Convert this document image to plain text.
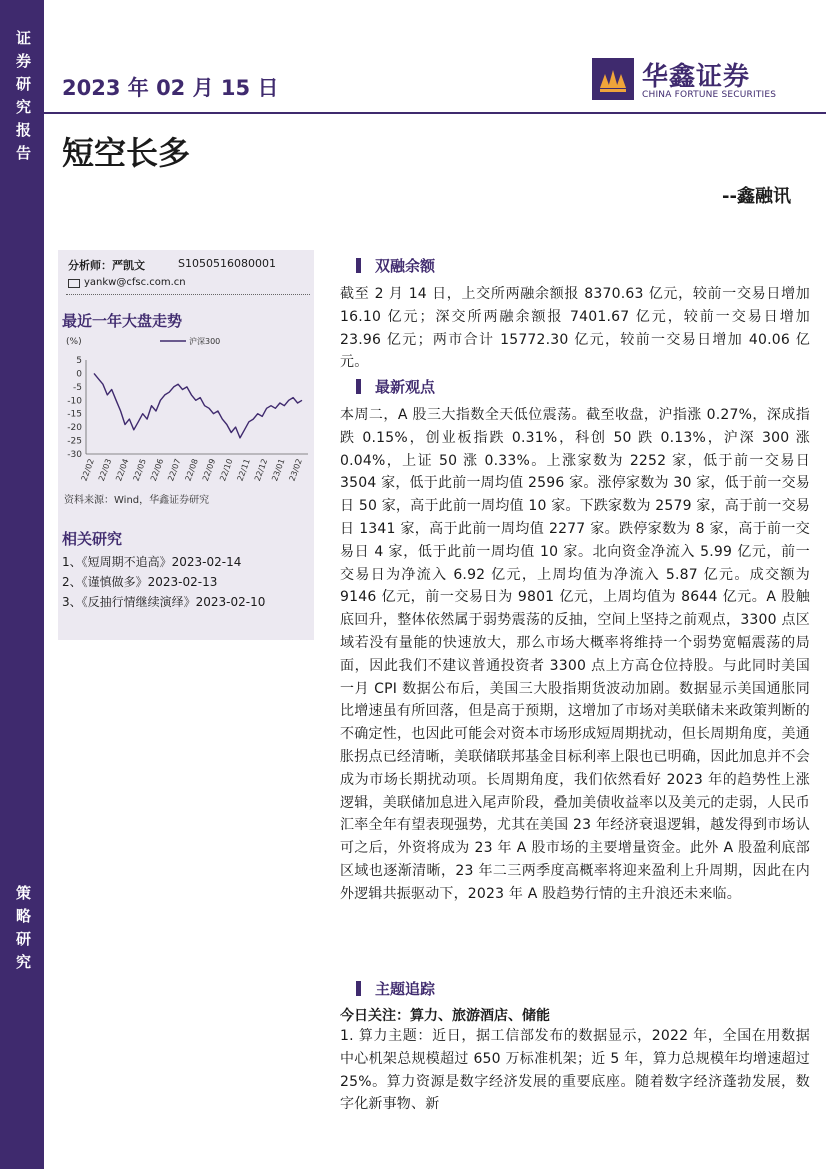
证券研究报告
策略研究
2023 年 02 月 15 日	华鑫证券
CHINA FORTUNE SECURITIES
短空长多
--鑫融讯
分析师：严凯文	S1050516080001
yankw@cfsc.com.cn
最近一年大盘走势
(%)	沪深300
5
0
-5
-10
-15
-20
-25
-30
22/02 22/03 22/04 22/05 22/06 22/07 22/08 22/09 22/10 22/11 22/12 23/01 23/02
资料来源：Wind，华鑫证券研究
相关研究
1、《短周期不追高》2023-02-14
2、《谨慎做多》2023-02-13
3、《反抽行情继续演绎》2023-02-10
双融余额
截至 2 月 14 日，上交所两融余额报 8370.63 亿元，较前一交易日增加 16.10 亿元；深交所两融余额报 7401.67 亿元，较前一交易日增加 23.96 亿元；两市合计 15772.30 亿元，较前一交易日增加 40.06 亿元。
最新观点
本周二，A 股三大指数全天低位震荡。截至收盘，沪指涨 0.27%，深成指跌 0.15%，创业板指跌 0.31%，科创 50 跌 0.13%，沪深 300 涨 0.04%，上证 50 涨 0.33%。上涨家数为 2252 家，低于前一交易日 3504 家，低于此前一周均值 2596 家。涨停家数为 30 家，低于前一交易日 50 家，高于此前一周均值 10 家。下跌家数为 2579 家，高于前一交易日 1341 家，高于此前一周均值 2277 家。跌停家数为 8 家，高于前一交易日 4 家，低于此前一周均值 10 家。北向资金净流入 5.99 亿元，前一交易日为净流入 6.92 亿元，上周均值为净流入 5.87 亿元。成交额为 9146 亿元，前一交易日为 9801 亿元，上周均值为 8644 亿元。A 股触底回升，整体依然属于弱势震荡的反抽，空间上坚持之前观点，3300 点区域若没有量能的快速放大，那么市场大概率将维持一个弱势宽幅震荡的局面，因此我们不建议普通投资者 3300 点上方高仓位持股。与此同时美国一月 CPI 数据公布后，美国三大股指期货波动加剧。数据显示美国通胀同比增速虽有所回落，但是高于预期，这增加了市场对美联储未来政策判断的不确定性，也因此可能会对资本市场形成短周期扰动，但长周期角度，美通胀拐点已经清晰，美联储联邦基金目标利率上限也已明确，因此加息并不会成为市场长期扰动项。长周期角度，我们依然看好 2023 年的趋势性上涨逻辑，美联储加息进入尾声阶段，叠加美债收益率以及美元的走弱，人民币汇率全年有望表现强势，尤其在美国 23 年经济衰退逻辑，越发得到市场认可之后，外资将成为 23 年 A 股市场的主要增量资金。此外 A 股盈利底部区域也逐渐清晰，23 年二三两季度高概率将迎来盈利上升周期，因此在内外逻辑共振驱动下，2023 年 A 股趋势行情的主升浪还未来临。
主题追踪
今日关注：算力、旅游酒店、储能
1. 算力主题：近日，据工信部发布的数据显示，2022 年，全国在用数据中心机架总规模超过 650 万标准机架；近 5 年，算力总规模年均增速超过 25%。算力资源是数字经济发展的重要底座。随着数字经济蓬勃发展，数字化新事物、新
